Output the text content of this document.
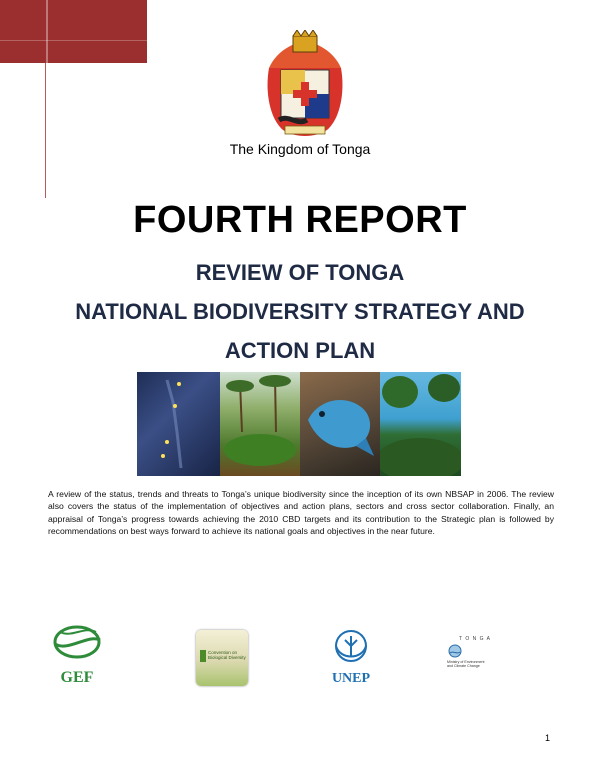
The Kingdom of Tonga
FOURTH REPORT
REVIEW OF TONGA
NATIONAL BIODIVERSITY STRATEGY AND
ACTION PLAN
A review of the status, trends and threats to Tonga’s unique biodiversity since the inception of its own NBSAP in 2006. The review also covers the status of the implementation of objectives and action plans, sectors and cross sector collaboration. Finally, an appraisal of Tonga’s progress towards achieving the 2010 CBD targets and its contribution to the Strategic plan is followed by recommendations on best ways forward to achieve its national goals and objectives in the near future.
GEF
Convention on
Biological Diversity
UNEP
T O N G A
Ministry of Environment
and Climate Change
1
